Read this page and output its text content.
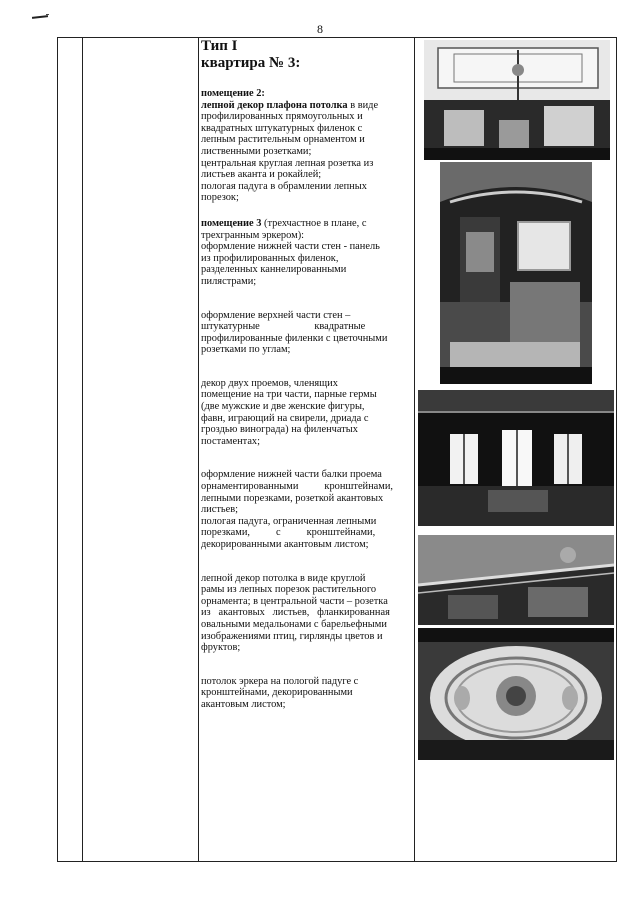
8
Тип I
квартира № 3:

помещение 2:

лепной декор плафона потолка в виде

профилированных прямоугольных и

квадратных штукатурных филенок с

лепным растительным орнаментом и

лиственными розетками;

центральная круглая лепная розетка из

листьев аканта и рокайлей;

пологая падуга в обрамлении лепных

порезок;

помещение 3 (трехчастное в плане, с

трехгранным эркером):

оформление нижней части стен - панель

из профилированных филенок,

разделенных каннелированными

пилястрами;

оформление верхней части стен –

штукатурные                     квадратные

профилированные филенки с цветочными

розетками по углам;

декор двух проемов, членящих

помещение на три части, парные гермы

(две мужские и две женские фигуры,

фавн, играющий на свирели, дриада с

гроздью винограда) на филенчатых

постаментах;

оформление нижней части балки проема

орнаментированными          кронштейнами,

лепными порезками, розеткой акантовых

листьев;

пологая падуга, ограниченная лепными

порезками,          с          кронштейнами,

декорированными акантовым листом;

лепной декор потолка в виде круглой

рамы из лепных порезок растительного

орнамента; в центральной части – розетка

из   акантовых   листьев,   фланкированная

овальными медальонами с барельефными

изображениями птиц, гирлянды цветов и

фруктов;

потолок эркера на пологой падуге с

кронштейнами, декорированными

акантовым листом;
